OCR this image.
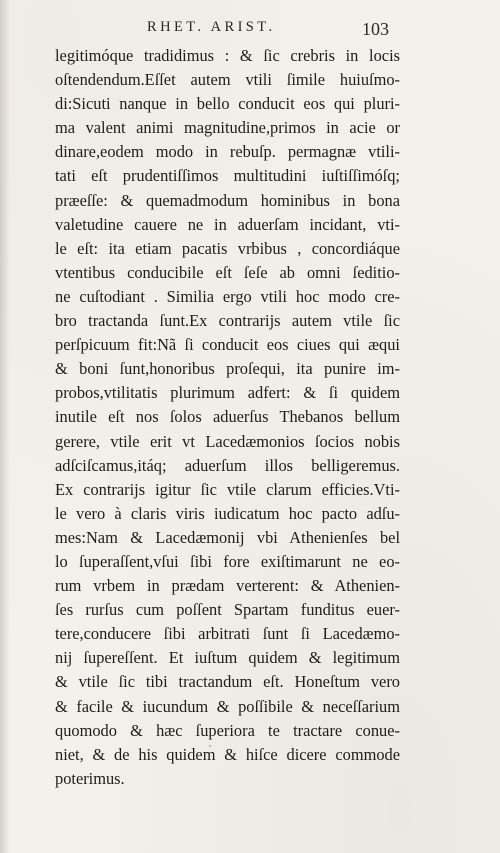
RHET. ARIST.	103
legitimóque tradidimus : & ſic crebris in locis
oſtendendum.Eſſet autem vtili ſimile huiuſmo-
di:Sicuti nanque in bello conducit eos qui pluri-
ma valent animi magnitudine,primos in acie or
dinare,eodem modo in rebuſp. permagnæ vtili-
tati eſt prudentiſſimos multitudini iuſtiſſimóſq;
præeſſe: & quemadmodum hominibus in bona
valetudine cauere ne in aduerſam incidant, vti-
le eſt: ita etiam pacatis vrbibus , concordiáque
vtentibus conducibile eſt ſeſe ab omni ſeditio-
ne cuſtodiant . Similia ergo vtili hoc modo cre-
bro tractanda ſunt.Ex contrarijs autem vtile ſic
perſpicuum fit:Nã ſi conducit eos ciues qui æqui
& boni ſunt,honoribus proſequi, ita punire im-
probos,vtilitatis plurimum adfert: & ſi quidem
inutile eſt nos ſolos aduerſus Thebanos bellum
gerere, vtile erit vt Lacedæmonios ſocios nobis
adſciſcamus,itáq; aduerſum illos belligeremus.
Ex contrarijs igitur ſic vtile clarum efficies.Vti-
le vero à claris viris iudicatum hoc pacto adſu-
mes:Nam & Lacedæmonij vbi Athenienſes bel
lo ſuperaſſent,vſui ſibi fore exiſtimarunt ne eo-
rum vrbem in prædam verterent: & Athenien-
ſes rurſus cum poſſent Spartam funditus euer-
tere,conducere ſibi arbitrati ſunt ſi Lacedæmo-
nij ſupereſſent. Et iuſtum quidem & legitimum
& vtile ſic tibi tractandum eſt. Honeſtum vero
& facile & iucundum & poſſibile & neceſſarium
quomodo & hæc ſuperiora te tractare conue-
niet, & de his quidem & hiſce dicere commode
poterimus.
